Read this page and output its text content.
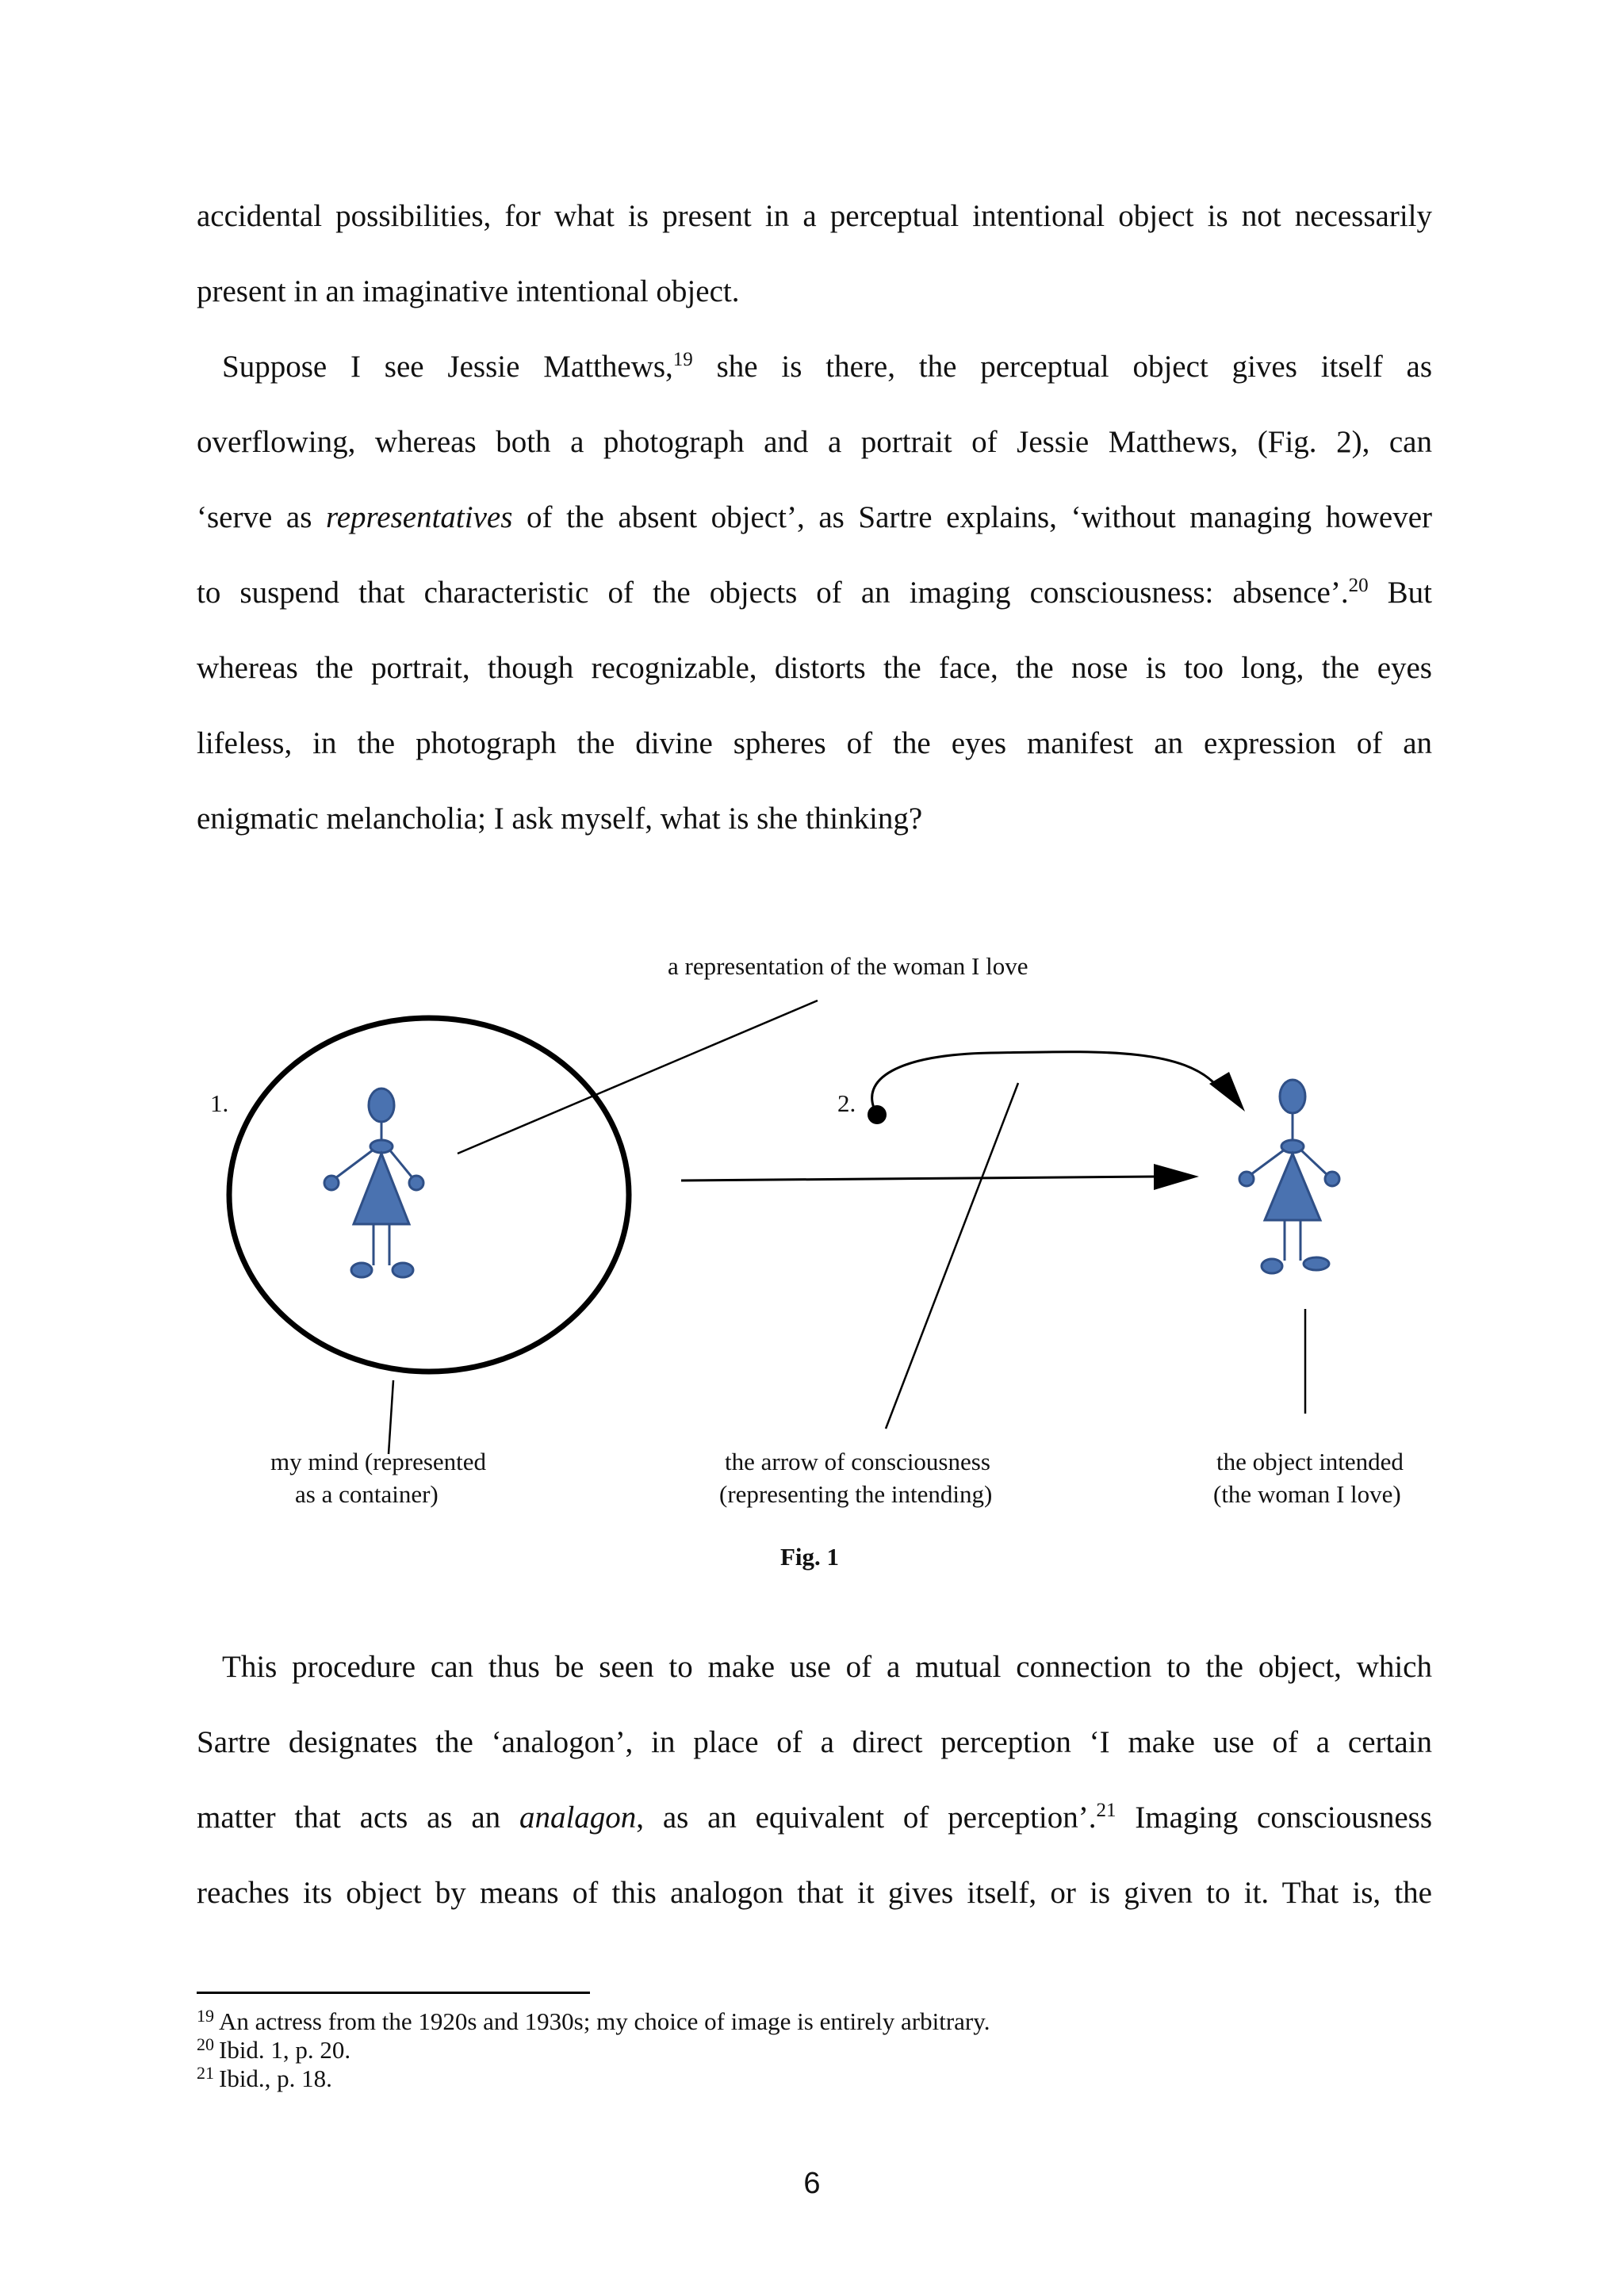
accidental possibilities, for what is present in a perceptual intentional object is not necessarily
present in an imaginative intentional object.
Suppose I see Jessie Matthews,$^{19}$ she is there, the perceptual object gives itself as
overflowing, whereas both a photograph and a portrait of Jessie Matthews, (Fig. 2), can
‘serve as representatives of the absent object’, as Sartre explains, ‘without managing however
to suspend that characteristic of the objects of an imaging consciousness: absence’.$^{20}$ But
whereas the portrait, though recognizable, distorts the face, the nose is too long, the eyes
lifeless, in the photograph the divine spheres of the eyes manifest an expression of an
enigmatic melancholia; I ask myself, what is she thinking?
a representation of the woman I love
1.	2.
my mind (represented
as a container)
the arrow of consciousness
(representing the intending)
the object intended
(the woman I love)
Fig. 1
This procedure can thus be seen to make use of a mutual connection to the object, which
Sartre designates the ‘analogon’, in place of a direct perception ‘I make use of a certain
matter that acts as an analagon, as an equivalent of perception’.$^{21}$ Imaging consciousness
reaches its object by means of this analogon that it gives itself, or is given to it. That is, the
$^{19}$ An actress from the 1920s and 1930s; my choice of image is entirely arbitrary.
$^{20}$ Ibid. 1, p. 20.
$^{21}$ Ibid., p. 18.
6
